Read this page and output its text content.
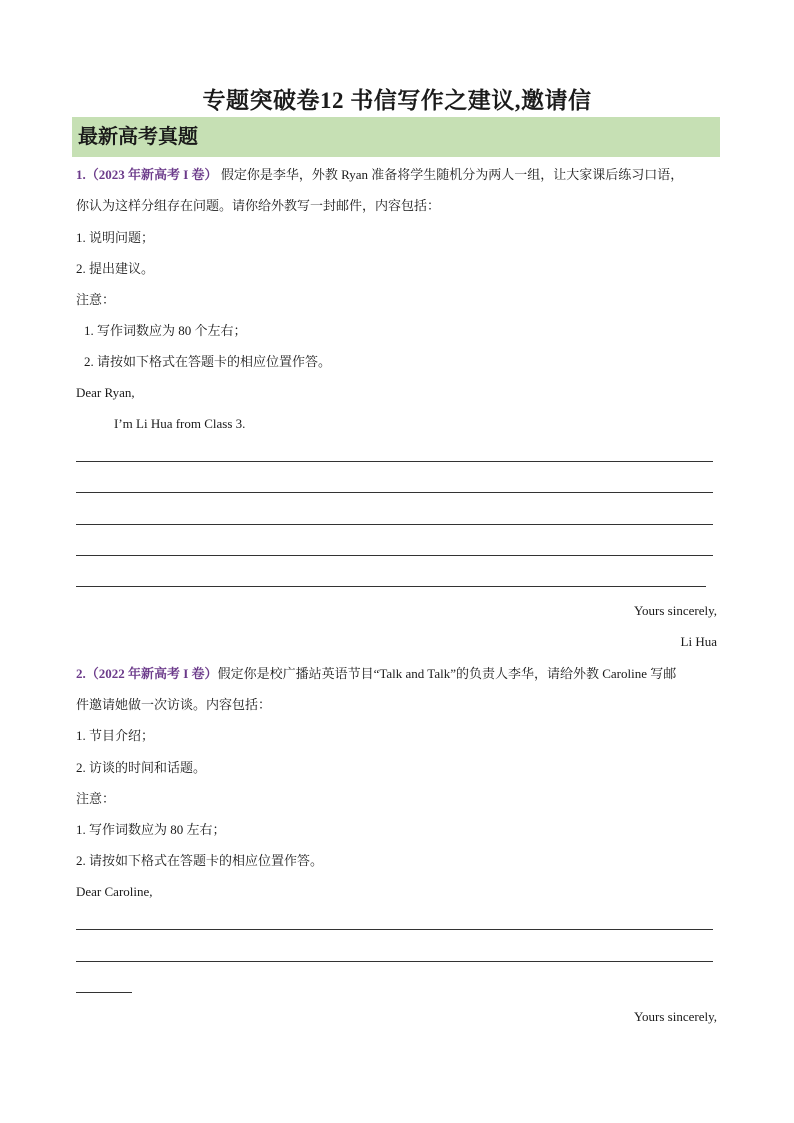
专题突破卷12 书信写作之建议,邀请信
最新高考真题
1.（2023 年新高考 I 卷） 假定你是李华，外教 Ryan 准备将学生随机分为两人一组，让大家课后练习口语，
你认为这样分组存在问题。请你给外教写一封邮件，内容包括：
1. 说明问题；
2. 提出建议。
注意：
1. 写作词数应为 80 个左右；
2. 请按如下格式在答题卡的相应位置作答。
Dear Ryan,
I’m Li Hua from Class 3.
Yours sincerely,
Li Hua
2.（2022 年新高考 I 卷）假定你是校广播站英语节目“Talk and Talk”的负责人李华，请给外教 Caroline 写邮
件邀请她做一次访谈。内容包括：
1. 节目介绍；
2. 访谈的时间和话题。
注意：
1. 写作词数应为 80 左右；
2. 请按如下格式在答题卡的相应位置作答。
Dear Caroline,
Yours sincerely,
